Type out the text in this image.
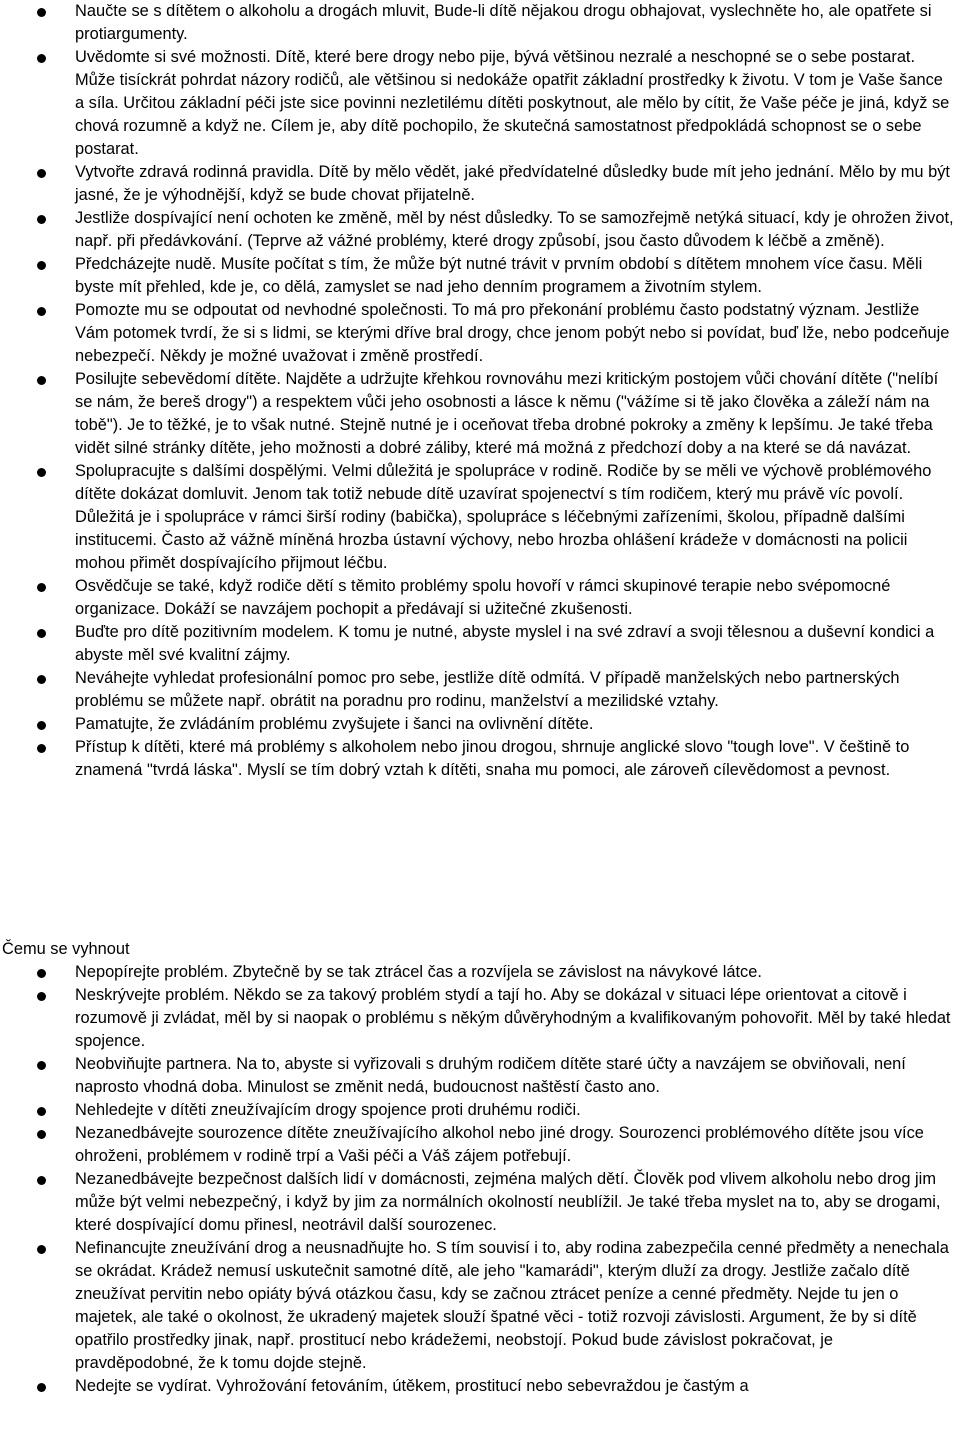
Naučte se s dítětem o alkoholu a drogách mluvit, Bude-li dítě nějakou drogu obhajovat, vyslechněte ho, ale opatřete si protiargumenty.
Uvědomte si své možnosti. Dítě, které bere drogy nebo pije, bývá většinou nezralé a neschopné se o sebe postarat. Může tisíckrát pohrdat názory rodičů, ale většinou si nedokáže opatřit základní prostředky k životu. V tom je Vaše šance a síla. Určitou základní péči jste sice povinni nezletilému dítěti poskytnout, ale mělo by cítit, že Vaše péče je jiná, když se chová rozumně a když ne. Cílem je, aby dítě pochopilo, že skutečná samostatnost předpokládá schopnost se o sebe postarat.
Vytvořte zdravá rodinná pravidla. Dítě by mělo vědět, jaké předvídatelné důsledky bude mít jeho jednání. Mělo by mu být jasné, že je výhodnější, když se bude chovat přijatelně.
Jestliže dospívající není ochoten ke změně, měl by nést důsledky. To se samozřejmě netýká situací, kdy je ohrožen život, např. při předávkování. (Teprve až vážné problémy, které drogy způsobí, jsou často důvodem k léčbě a změně).
Předcházejte nudě. Musíte počítat s tím, že může být nutné trávit v prvním období s dítětem mnohem více času. Měli byste mít přehled, kde je, co dělá, zamyslet se nad jeho denním programem a životním stylem.
Pomozte mu se odpoutat od nevhodné společnosti. To má pro překonání problému často podstatný význam. Jestliže Vám potomek tvrdí, že si s lidmi, se kterými dříve bral drogy, chce jenom pobýt nebo si povídat, buď lže, nebo podceňuje nebezpečí. Někdy je možné uvažovat i změně prostředí.
Posilujte sebevědomí dítěte. Najděte a udržujte křehkou rovnováhu mezi kritickým postojem vůči chování dítěte ("nelíbí se nám, že bereš drogy") a respektem vůči jeho osobnosti a lásce k němu ("vážíme si tě jako člověka a záleží nám na tobě"). Je to těžké, je to však nutné. Stejně nutné je i oceňovat třeba drobné pokroky a změny k lepšímu. Je také třeba vidět silné stránky dítěte, jeho možnosti a dobré záliby, které má možná z předchozí doby a na které se dá navázat.
Spolupracujte s dalšími dospělými. Velmi důležitá je spolupráce v rodině. Rodiče by se měli ve výchově problémového dítěte dokázat domluvit. Jenom tak totiž nebude dítě uzavírat spojenectví s tím rodičem, který mu právě víc povolí. Důležitá je i spolupráce v rámci širší rodiny (babička), spolupráce s léčebnými zařízeními, školou, případně dalšími institucemi. Často až vážně míněná hrozba ústavní výchovy, nebo hrozba ohlášení krádeže v domácnosti na policii mohou přimět dospívajícího přijmout léčbu.
Osvědčuje se také, když rodiče dětí s těmito problémy spolu hovoří v rámci skupinové terapie nebo svépomocné organizace. Dokáží se navzájem pochopit a předávají si užitečné zkušenosti.
Buďte pro dítě pozitivním modelem. K tomu je nutné, abyste myslel i na své zdraví a svoji tělesnou a duševní kondici a abyste měl své kvalitní zájmy.
Neváhejte vyhledat profesionální pomoc pro sebe, jestliže dítě odmítá. V případě manželských nebo partnerských problému se můžete např. obrátit na poradnu pro rodinu, manželství a mezilidské vztahy.
Pamatujte, že zvládáním problému zvyšujete i šanci na ovlivnění dítěte.
Přístup k dítěti, které má problémy s alkoholem nebo jinou drogou, shrnuje anglické slovo "tough love". V češtině to znamená "tvrdá láska". Myslí se tím dobrý vztah k dítěti, snaha mu pomoci, ale zároveň cílevědomost a pevnost.
Čemu se vyhnout
Nepopírejte problém. Zbytečně by se tak ztrácel čas a rozvíjela se závislost na návykové látce.
Neskrývejte problém. Někdo se za takový problém stydí a tají ho. Aby se dokázal v situaci lépe orientovat a citově i rozumově ji zvládat, měl by si naopak o problému s někým důvěryhodným a kvalifikovaným pohovořit. Měl by také hledat spojence.
Neobviňujte partnera. Na to, abyste si vyřizovali s druhým rodičem dítěte staré účty a navzájem se obviňovali, není naprosto vhodná doba. Minulost se změnit nedá, budoucnost naštěstí často ano.
Nehledejte v dítěti zneužívajícím drogy spojence proti druhému rodiči.
Nezanedbávejte sourozence dítěte zneužívajícího alkohol nebo jiné drogy. Sourozenci problémového dítěte jsou více ohroženi, problémem v rodině trpí a Vaši péči a Váš zájem potřebují.
Nezanedbávejte bezpečnost dalších lidí v domácnosti, zejména malých dětí. Člověk pod vlivem alkoholu nebo drog jim může být velmi nebezpečný, i když by jim za normálních okolností neublížil. Je také třeba myslet na to, aby se drogami, které dospívající domu přinesl, neotrávil další sourozenec.
Nefinancujte zneužívání drog a neusnadňujte ho. S tím souvisí i to, aby rodina zabezpečila cenné předměty a nenechala se okrádat. Krádež nemusí uskutečnit samotné dítě, ale jeho "kamarádi", kterým dluží za drogy. Jestliže začalo dítě zneužívat pervitin nebo opiáty bývá otázkou času, kdy se začnou ztrácet peníze a cenné předměty. Nejde tu jen o majetek, ale také o okolnost, že ukradený majetek slouží špatné věci - totiž rozvoji závislosti. Argument, že by si dítě opatřilo prostředky jinak, např. prostitucí nebo krádežemi, neobstojí. Pokud bude závislost pokračovat, je pravděpodobné, že k tomu dojde stejně.
Nedejte se vydírat. Vyhrožování fetováním, útěkem, prostitucí nebo sebevraždou je častým a
